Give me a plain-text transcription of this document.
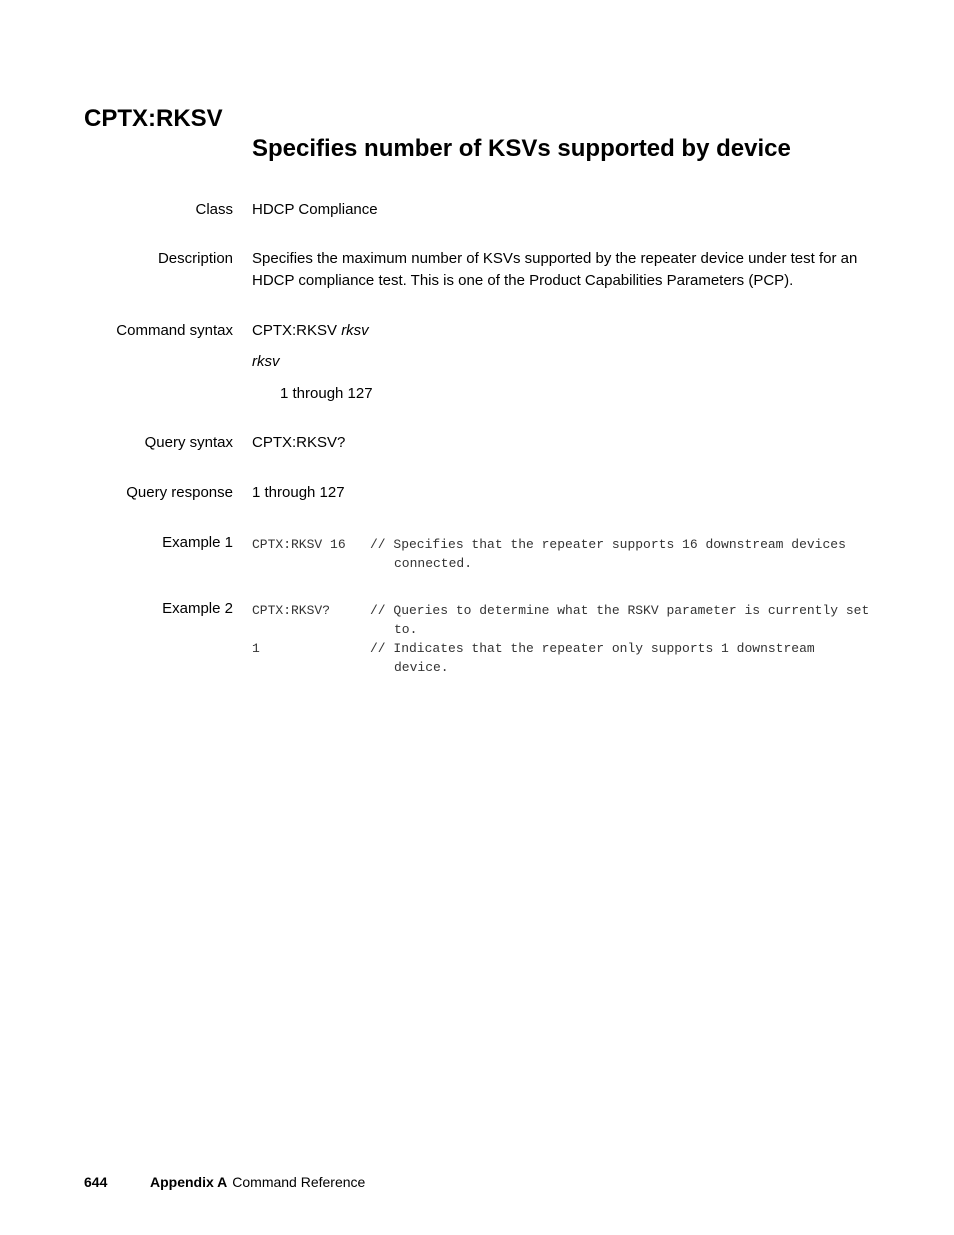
CPTX:RKSV
Specifies number of KSVs supported by device
Class HDCP Compliance

Description Specifies the maximum number of KSVs supported by the repeater device under test for an HDCP compliance test. This is one of the Product Capabilities Parameters (PCP).

Command syntax CPTX:RKSV rksv

rksv

1 through 127

Query syntax CPTX:RKSV?

Query response 1 through 127

Example 1 CPTX:RKSV 16	// Specifies that the repeater supports 16 downstream devices connected.
Example 2 CPTX:RKSV?	// Queries to determine what the RSKV parameter is currently set to.
1	// Indicates that the repeater only supports 1 downstream device.
644	Appendix A Command Reference
